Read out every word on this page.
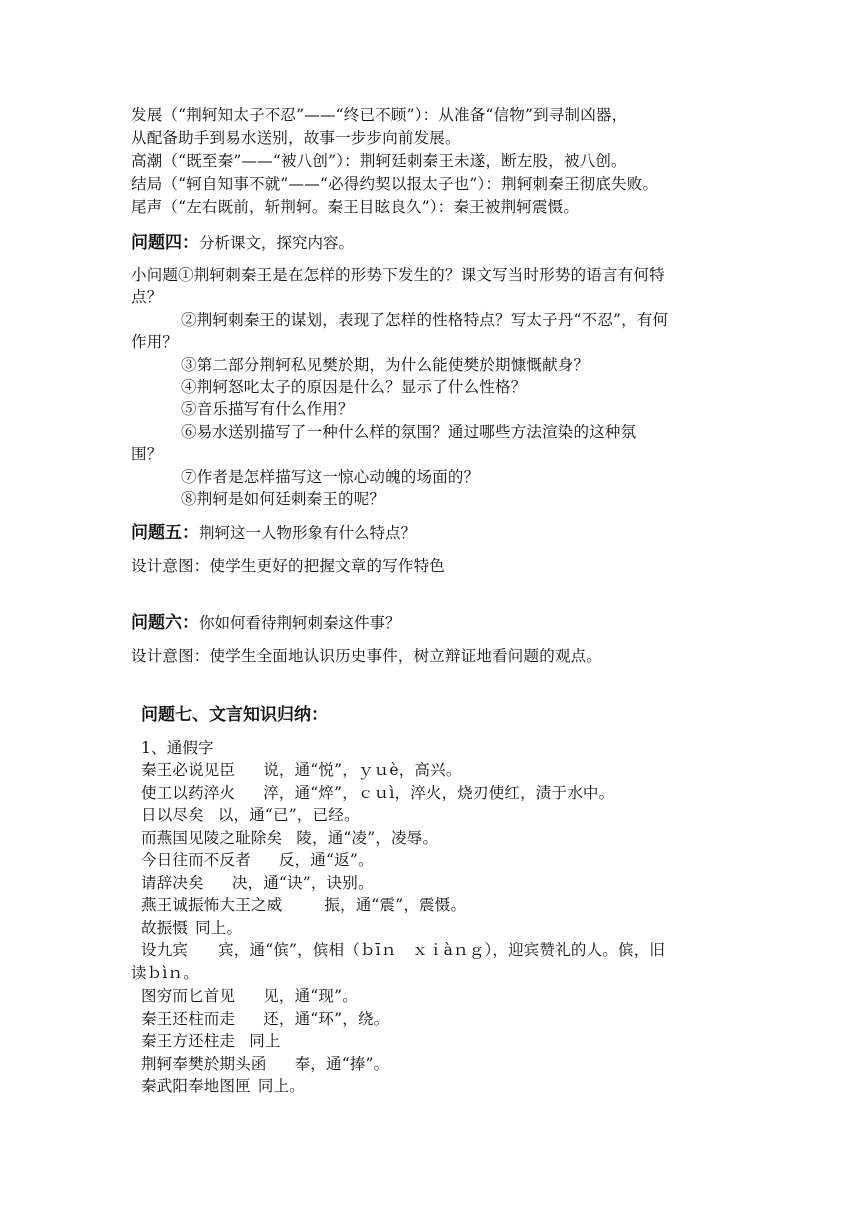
发展（“荆轲知太子不忍”——“终已不顾”）：从准备“信物”到寻制凶器，
从配备助手到易水送别，故事一步步向前发展。
高潮（“既至秦”——“被八创”）：荆轲廷刺秦王未遂，断左股，被八创。
结局（“轲自知事不就”——“必得约契以报太子也”）：荆轲刺秦王彻底失败。
尾声（“左右既前，斩荆轲。秦王目眩良久”）：秦王被荆轲震慑。
问题四：分析课文，探究内容。
小问题①荆轲刺秦王是在怎样的形势下发生的？课文写当时形势的语言有何特
点？
②荆轲刺秦王的谋划，表现了怎样的性格特点？写太子丹“不忍”，有何
作用？
③第二部分荆轲私见樊於期，为什么能使樊於期慷慨献身？
④荆轲怒叱太子的原因是什么？显示了什么性格？
⑤音乐描写有什么作用？
⑥易水送别描写了一种什么样的氛围？通过哪些方法渲染的这种氛
围？
⑦作者是怎样描写这一惊心动魄的场面的？
⑧荆轲是如何廷刺秦王的呢？
问题五：荆轲这一人物形象有什么特点？
设计意图：使学生更好的把握文章的写作特色
问题六：你如何看待荆轲刺秦这件事？
设计意图：使学生全面地认识历史事件，树立辩证地看问题的观点。
问题七、文言知识归纳：
1、通假字
秦王必说见臣 说，通“悦”，ｙｕè，高兴。
使工以药淬火 淬，通“焠”，ｃｕì，淬火，烧刃使红，渍于水中。
日以尽矣 以，通“已”，已经。
而燕国见陵之耻除矣 陵，通“凌”，凌辱。
今日往而不反者 反，通“返”。
请辞决矣 决，通“诀”，诀别。
燕王诚振怖大王之威	振，通“震”，震慑。
故振慑 同上。
设九宾 宾，通“傧”，傧相（ｂīｎ　ｘｉàｎｇ），迎宾赞礼的人。傧，旧
读ｂìｎ。
图穷而匕首见 见，通“现”。
秦王还柱而走 还，通“环”，绕。
秦王方还柱走 同上
荆轲奉樊於期头函 奉，通“捧”。
秦武阳奉地图匣 同上。
